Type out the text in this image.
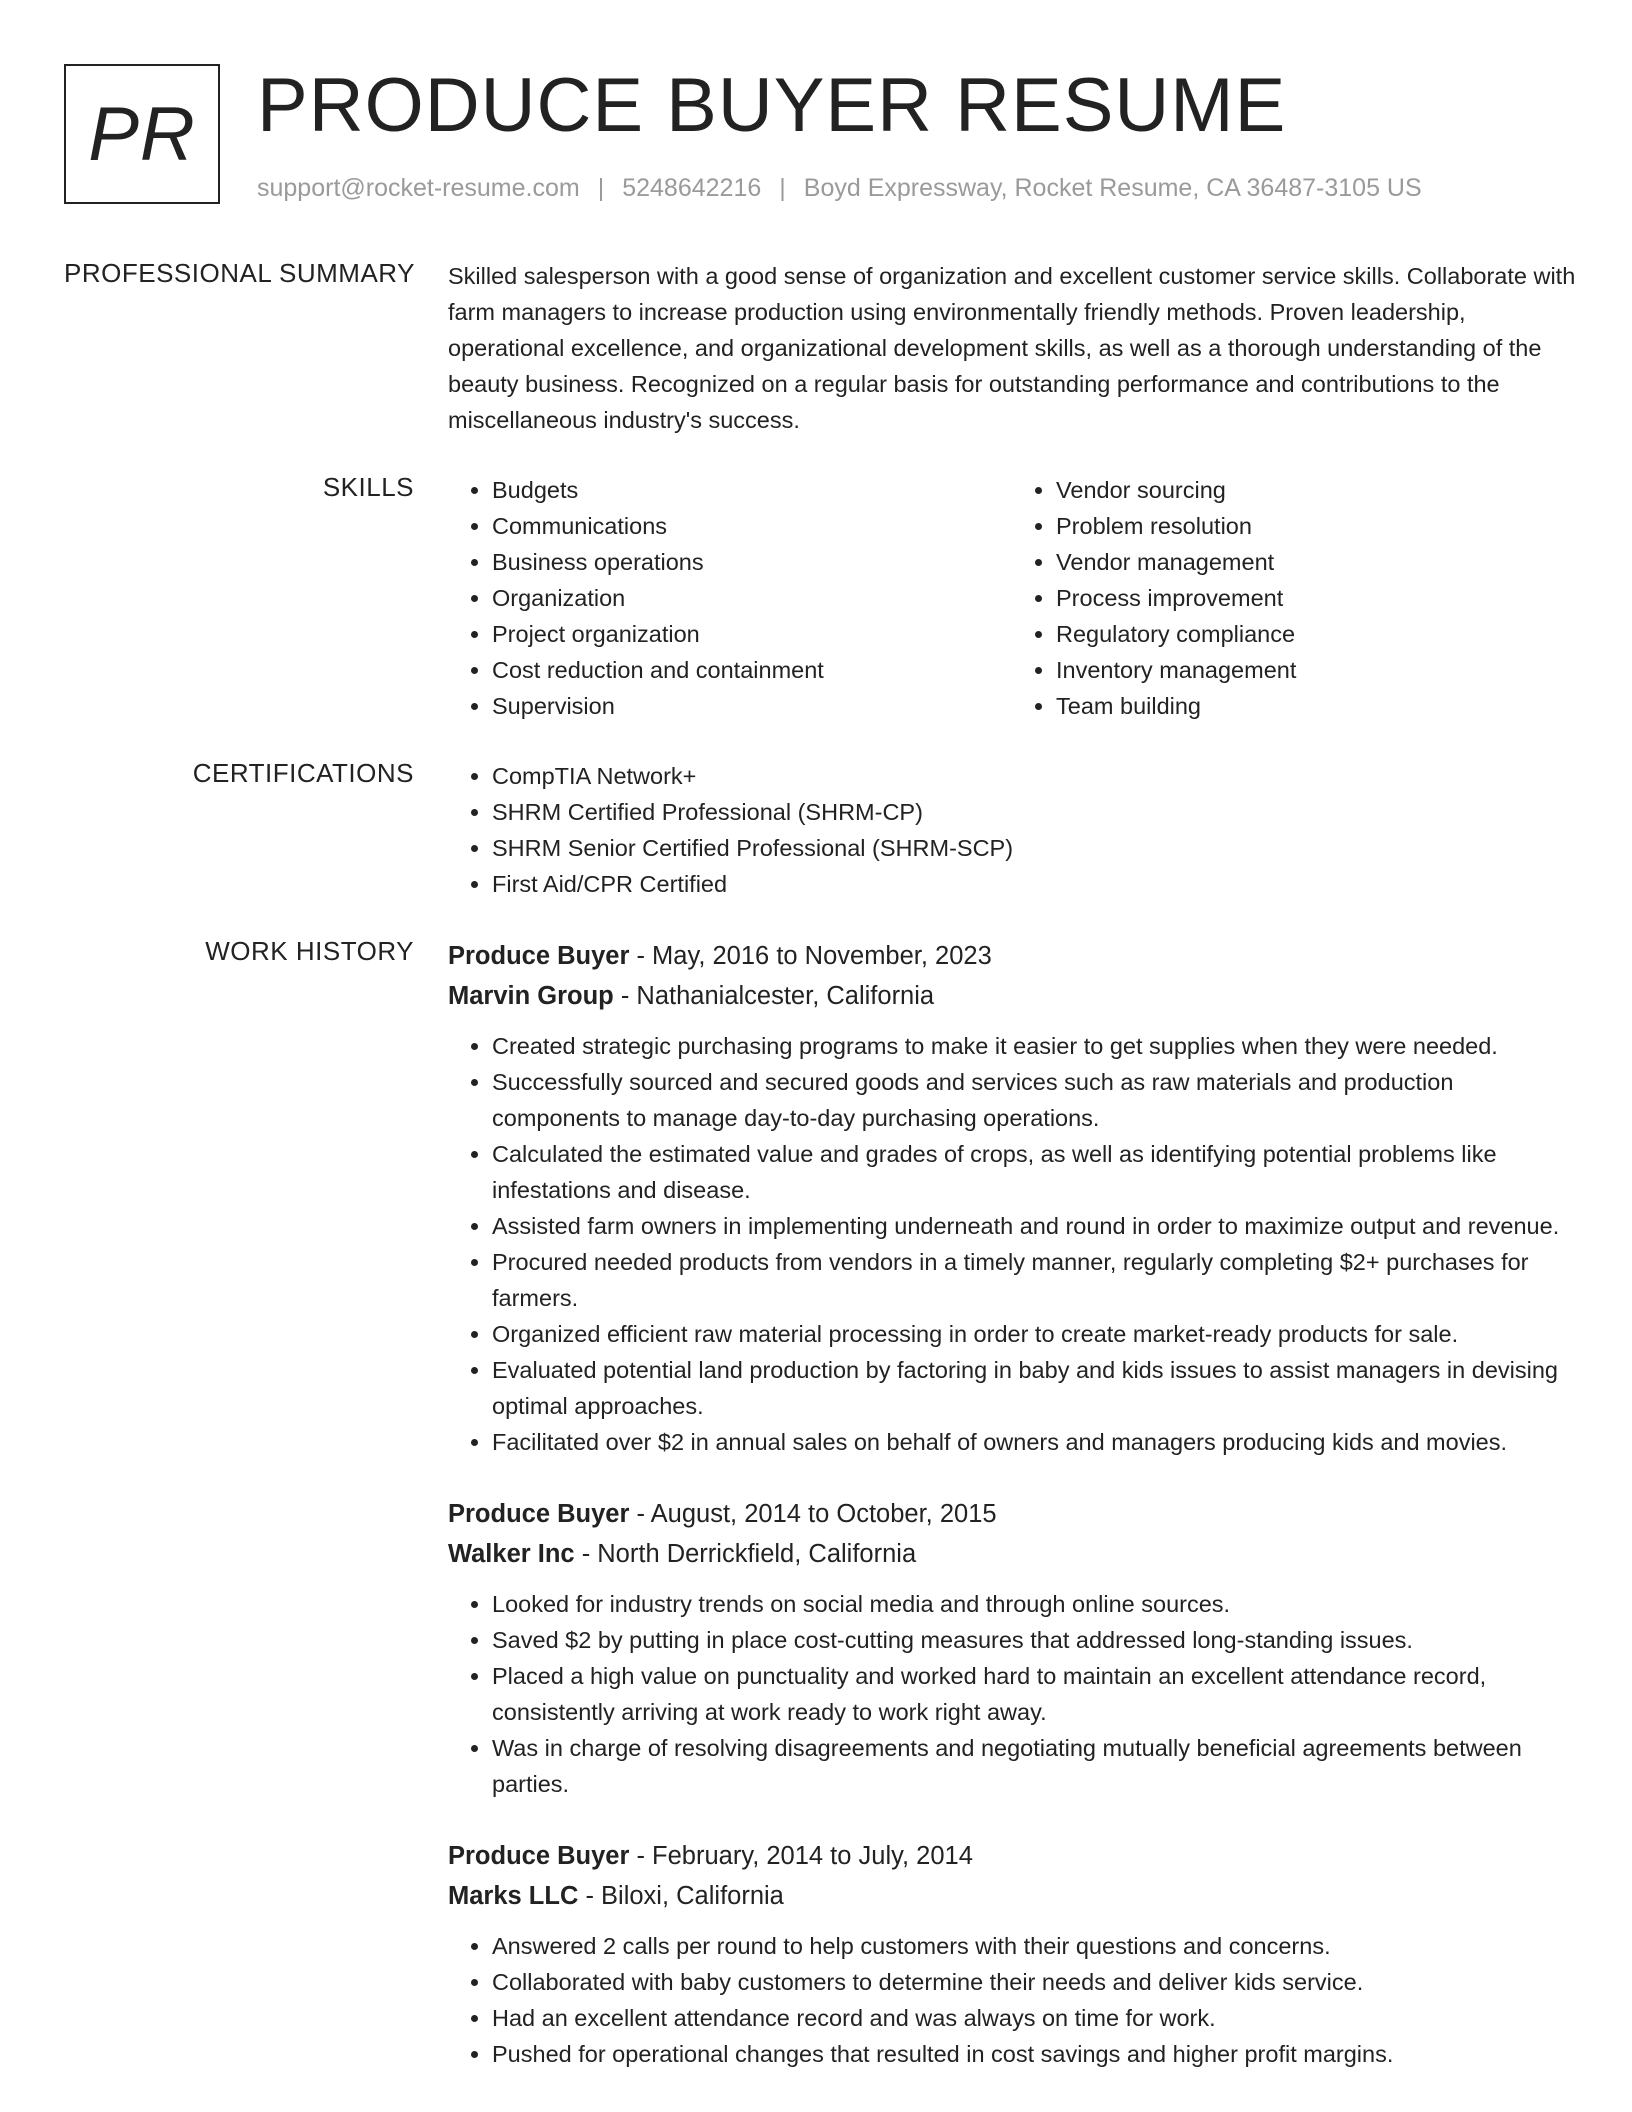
PR PRODUCE BUYER RESUME
support@rocket-resume.com | 5248642216 | Boyd Expressway, Rocket Resume, CA 36487-3105 US
PROFESSIONAL SUMMARY Skilled salesperson with a good sense of organization and excellent customer service skills. Collaborate with farm managers to increase production using environmentally friendly methods. Proven leadership, operational excellence, and organizational development skills, as well as a thorough understanding of the beauty business. Recognized on a regular basis for outstanding performance and contributions to the miscellaneous industry's success.
SKILLS	• Budgets
• Communications
• Business operations
• Organization
• Project organization
• Cost reduction and containment
• Supervision
• Vendor sourcing
• Problem resolution
• Vendor management
• Process improvement
• Regulatory compliance
• Inventory management
• Team building
CERTIFICATIONS	• CompTIA Network+
• SHRM Certified Professional (SHRM-CP)
• SHRM Senior Certified Professional (SHRM-SCP)
• First Aid/CPR Certified
WORK HISTORY Produce Buyer - May, 2016 to November, 2023
Marvin Group - Nathanialcester, California
• Created strategic purchasing programs to make it easier to get supplies when they were needed.
• Successfully sourced and secured goods and services such as raw materials and production components to manage day-to-day purchasing operations.
• Calculated the estimated value and grades of crops, as well as identifying potential problems like infestations and disease.
• Assisted farm owners in implementing underneath and round in order to maximize output and revenue.
• Procured needed products from vendors in a timely manner, regularly completing $2+ purchases for farmers.
• Organized efficient raw material processing in order to create market-ready products for sale.
• Evaluated potential land production by factoring in baby and kids issues to assist managers in devising optimal approaches.
• Facilitated over $2 in annual sales on behalf of owners and managers producing kids and movies.
Produce Buyer - August, 2014 to October, 2015
Walker Inc - North Derrickfield, California
• Looked for industry trends on social media and through online sources.
• Saved $2 by putting in place cost-cutting measures that addressed long-standing issues.
• Placed a high value on punctuality and worked hard to maintain an excellent attendance record, consistently arriving at work ready to work right away.
• Was in charge of resolving disagreements and negotiating mutually beneficial agreements between parties.
Produce Buyer - February, 2014 to July, 2014
Marks LLC - Biloxi, California
• Answered 2 calls per round to help customers with their questions and concerns.
• Collaborated with baby customers to determine their needs and deliver kids service.
• Had an excellent attendance record and was always on time for work.
• Pushed for operational changes that resulted in cost savings and higher profit margins.
